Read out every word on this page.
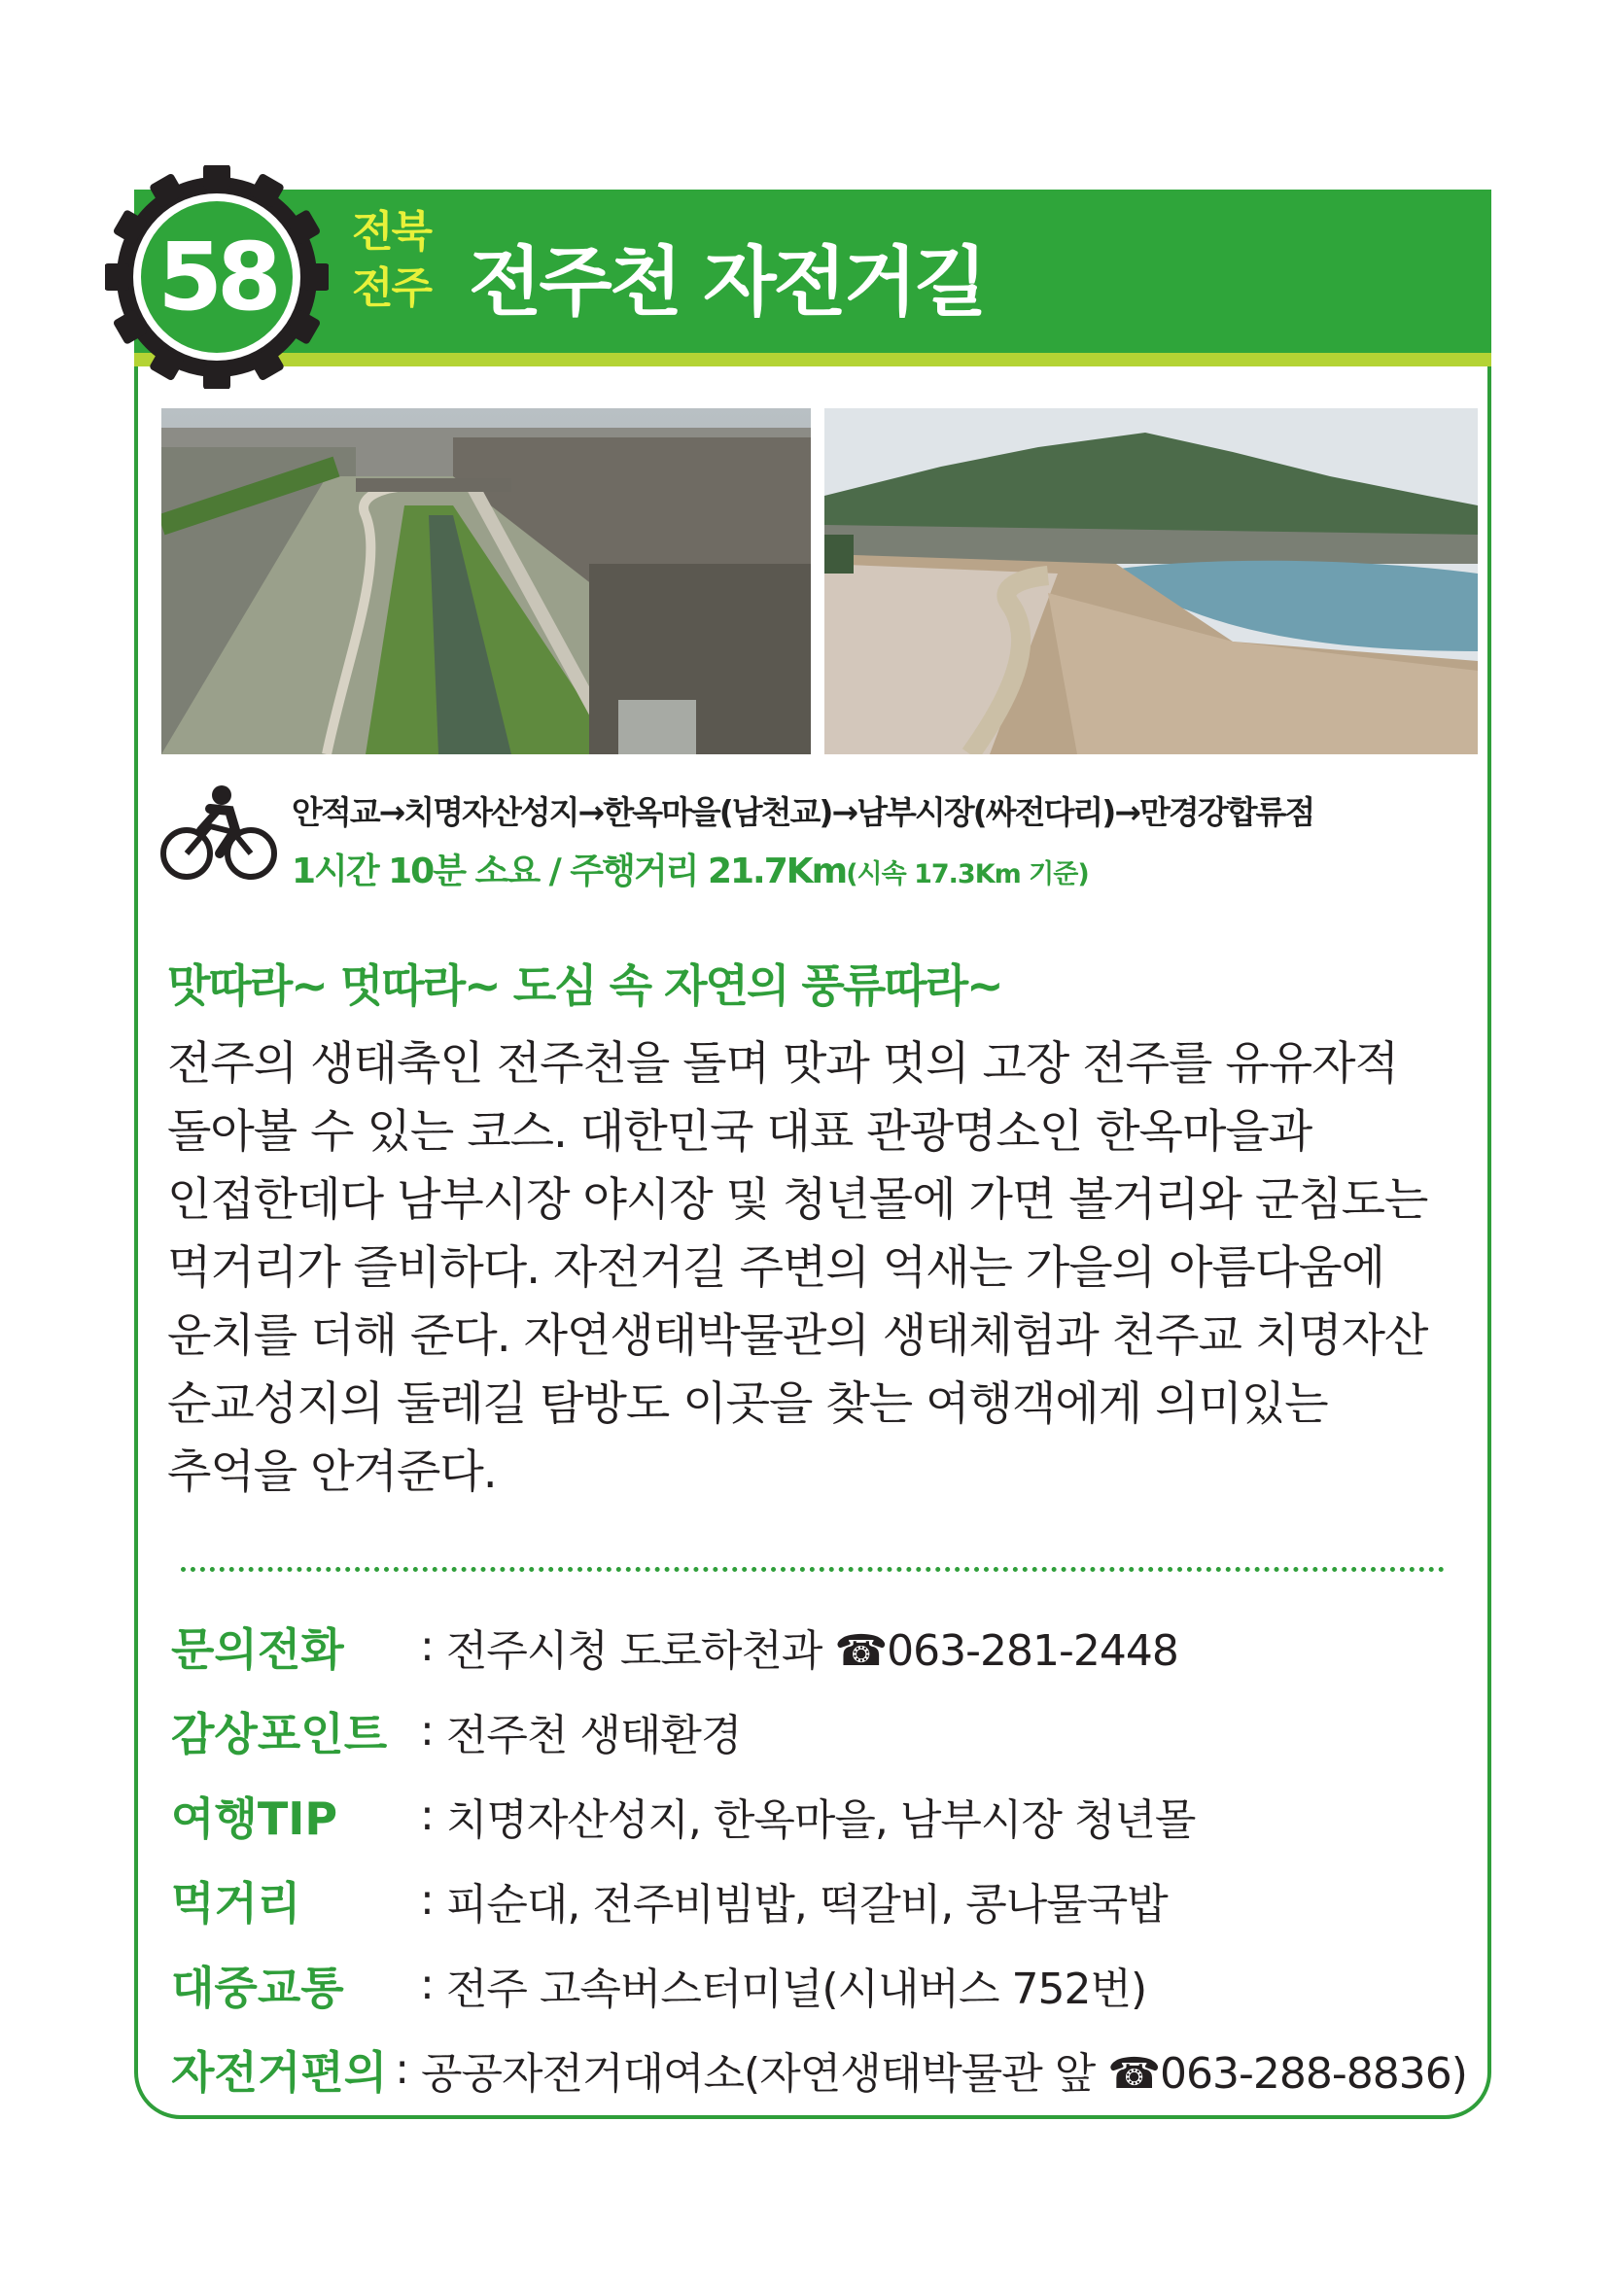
58	전북
전주 전주천 자전거길
안적교→치명자산성지→한옥마을(남천교)→남부시장(싸전다리)→만경강합류점
1시간 10분 소요 / 주행거리 21.7Km(시속 17.3Km 기준)
맛따라~ 멋따라~ 도심 속 자연의 풍류따라~
전주의 생태축인 전주천을 돌며 맛과 멋의 고장 전주를 유유자적
돌아볼 수 있는 코스. 대한민국 대표 관광명소인 한옥마을과
인접한데다 남부시장 야시장 및 청년몰에 가면 볼거리와 군침도는
먹거리가 즐비하다. 자전거길 주변의 억새는 가을의 아름다움에
운치를 더해 준다. 자연생태박물관의 생태체험과 천주교 치명자산
순교성지의 둘레길 탐방도 이곳을 찾는 여행객에게 의미있는
추억을 안겨준다.
문의전화 : 전주시청 도로하천과 ☎063-281-2448
감상포인트 : 전주천 생태환경
여행TIP : 치명자산성지, 한옥마을, 남부시장 청년몰
먹거리	: 피순대, 전주비빔밥, 떡갈비, 콩나물국밥
대중교통 : 전주 고속버스터미널(시내버스 752번)
자전거편의 : 공공자전거대여소(자연생태박물관 앞 ☎063-288-8836)
